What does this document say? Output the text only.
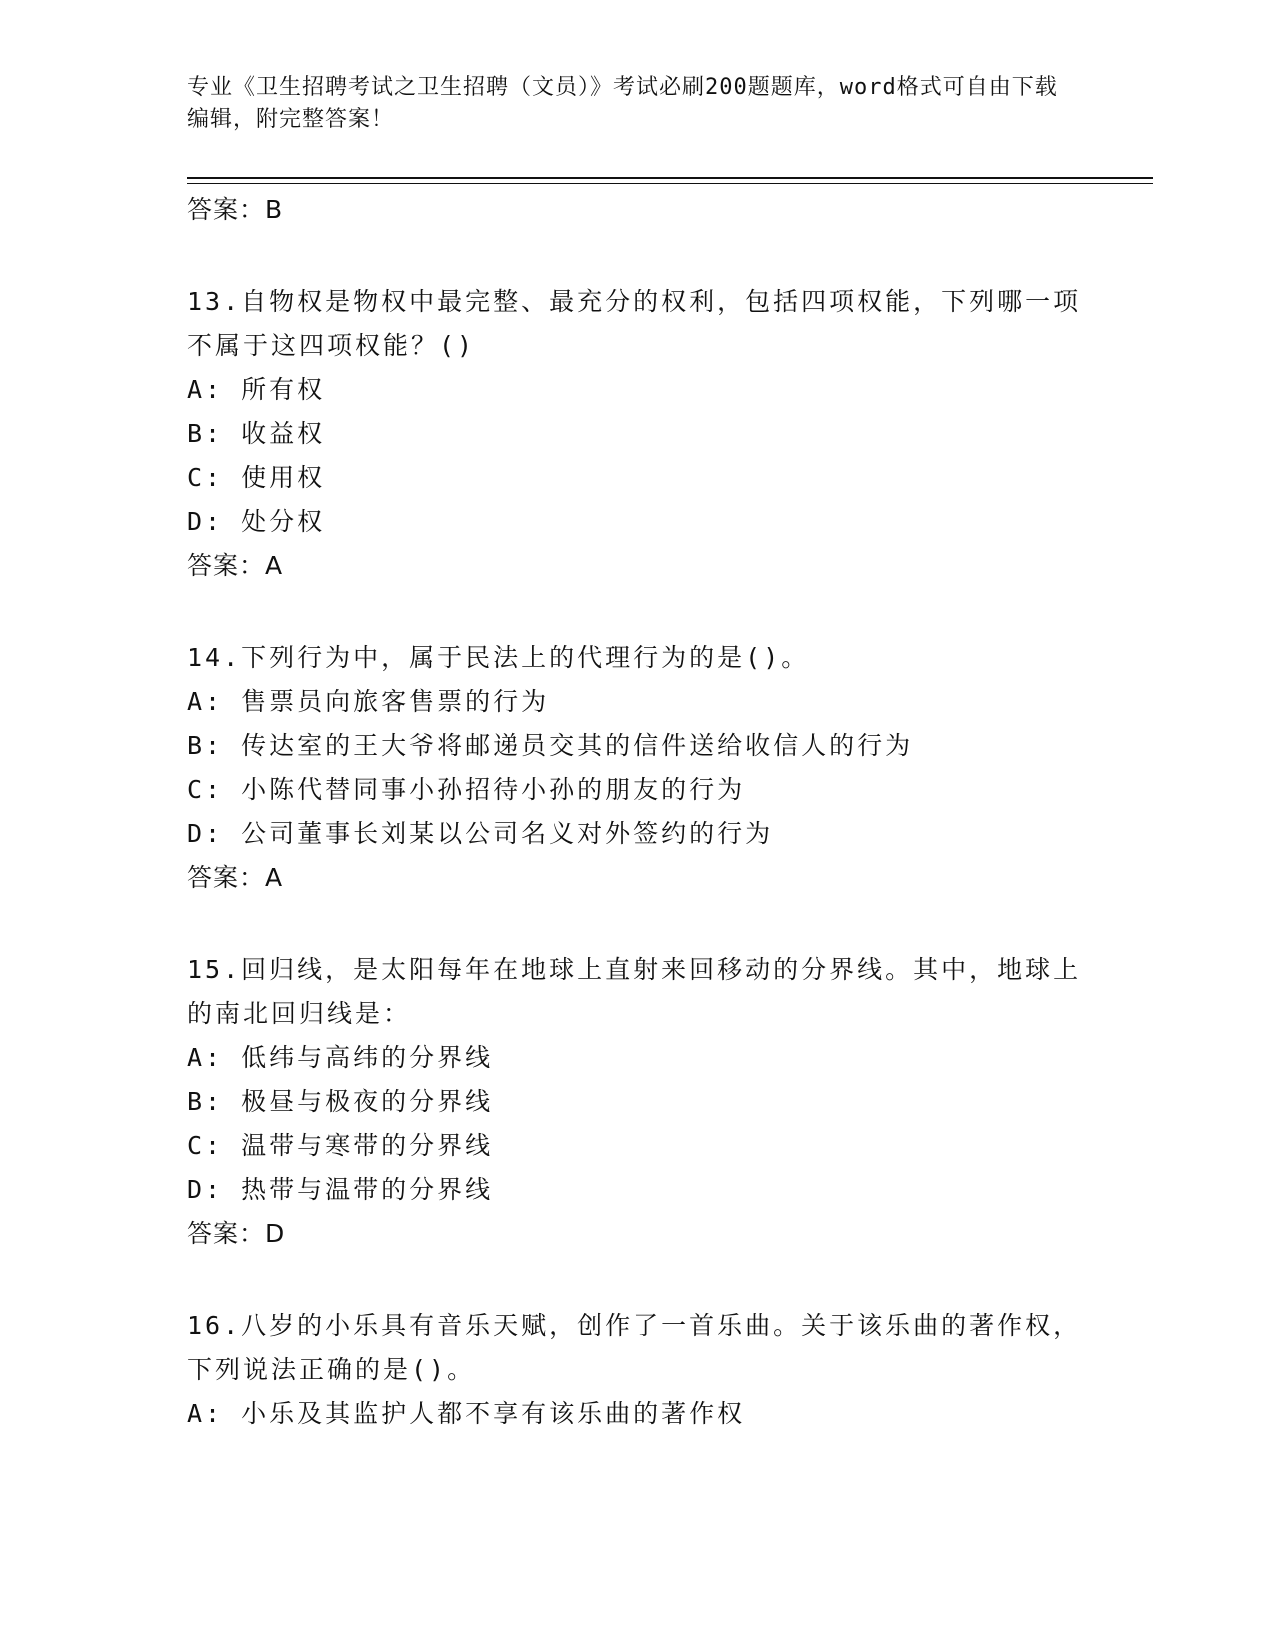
专业《卫生招聘考试之卫生招聘（文员）》考试必刷200题题库，word格式可自由下载编辑，附完整答案！
答案：B
13.自物权是物权中最完整、最充分的权利，包括四项权能，下列哪一项不属于这四项权能？()
A: 所有权
B: 收益权
C: 使用权
D: 处分权
答案：A
14.下列行为中，属于民法上的代理行为的是()。
A: 售票员向旅客售票的行为
B: 传达室的王大爷将邮递员交其的信件送给收信人的行为
C: 小陈代替同事小孙招待小孙的朋友的行为
D: 公司董事长刘某以公司名义对外签约的行为
答案：A
15.回归线，是太阳每年在地球上直射来回移动的分界线。其中，地球上的南北回归线是：
A: 低纬与高纬的分界线
B: 极昼与极夜的分界线
C: 温带与寒带的分界线
D: 热带与温带的分界线
答案：D
16.八岁的小乐具有音乐天赋，创作了一首乐曲。关于该乐曲的著作权，下列说法正确的是()。
A: 小乐及其监护人都不享有该乐曲的著作权
